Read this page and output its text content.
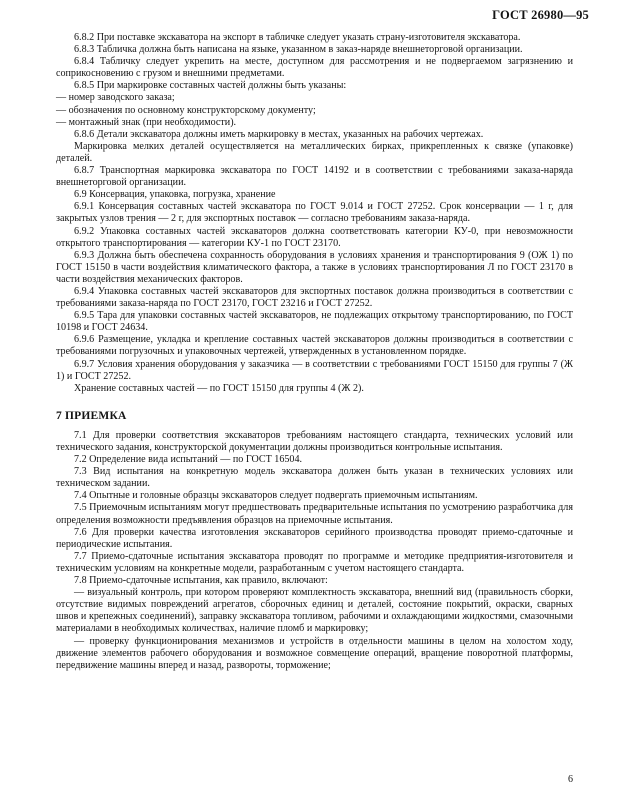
ГОСТ 26980—95

6.8.2 При поставке экскаватора на экспорт в табличке следует указать страну-изготовителя экскаватора.

6.8.3 Табличка должна быть написана на языке, указанном в заказ-наряде внешнеторговой организации.

6.8.4 Табличку следует укрепить на месте, доступном для рассмотрения и не подвергаемом загрязнению и соприкосновению с грузом и внешними предметами.

6.8.5 При маркировке составных частей должны быть указаны:

— номер заводского заказа;

— обозначения по основному конструкторскому документу;

— монтажный знак (при необходимости).

6.8.6 Детали экскаватора должны иметь маркировку в местах, указанных на рабочих чертежах.

Маркировка мелких деталей осуществляется на металлических бирках, прикрепленных к связке (упаковке) деталей.

6.8.7 Транспортная маркировка экскаватора по ГОСТ 14192 и в соответствии с требованиями заказа-наряда внешнеторговой организации.

6.9 Консервация, упаковка, погрузка, хранение

6.9.1 Консервация составных частей экскаватора по ГОСТ 9.014 и ГОСТ 27252. Срок консервации — 1 г, для закрытых узлов трения — 2 г, для экспортных поставок — согласно требованиям заказа-наряда.

6.9.2 Упаковка составных частей экскаваторов должна соответствовать категории КУ-0, при невозможности открытого транспортирования — категории КУ-1 по ГОСТ 23170.

6.9.3 Должна быть обеспечена сохранность оборудования в условиях хранения и транспортирования 9 (ОЖ 1) по ГОСТ 15150 в части воздействия климатического фактора, а также в условиях транспортирования Л по ГОСТ 23170 в части воздействия механических факторов.

6.9.4 Упаковка составных частей экскаваторов для экспортных поставок должна производиться в соответствии с требованиями заказа-наряда по ГОСТ 23170, ГОСТ 23216 и ГОСТ 27252.

6.9.5 Тара для упаковки составных частей экскаваторов, не подлежащих открытому транспортированию, по ГОСТ 10198 и ГОСТ 24634.

6.9.6 Размещение, укладка и крепление составных частей экскаваторов должны производиться в соответствии с требованиями погрузочных и упаковочных чертежей, утвержденных в установленном порядке.

6.9.7 Условия хранения оборудования у заказчика — в соответствии с требованиями ГОСТ 15150 для группы 7 (Ж 1) и ГОСТ 27252.

Хранение составных частей — по ГОСТ 15150 для группы 4 (Ж 2).

7 ПРИЕМКА

7.1 Для проверки соответствия экскаваторов требованиям настоящего стандарта, технических условий или технического задания, конструкторской документации должны производиться контрольные испытания.

7.2 Определение вида испытаний — по ГОСТ 16504.

7.3 Вид испытания на конкретную модель экскаватора должен быть указан в технических условиях или техническом задании.

7.4 Опытные и головные образцы экскаваторов следует подвергать приемочным испытаниям.

7.5 Приемочным испытаниям могут предшествовать предварительные испытания по усмотрению разработчика для определения возможности предъявления образцов на приемочные испытания.

7.6 Для проверки качества изготовления экскаваторов серийного производства проводят приемо-сдаточные и периодические испытания.

7.7 Приемо-сдаточные испытания экскаватора проводят по программе и методике предприятия-изготовителя и техническим условиям на конкретные модели, разработанным с учетом настоящего стандарта.

7.8 Приемо-сдаточные испытания, как правило, включают:

— визуальный контроль, при котором проверяют комплектность экскаватора, внешний вид (правильность сборки, отсутствие видимых повреждений агрегатов, сборочных единиц и деталей, состояние покрытий, окраски, сварных швов и крепежных соединений), заправку экскаватора топливом, рабочими и охлаждающими жидкостями, смазочными материалами в необходимых количествах, наличие пломб и маркировку;

— проверку функционирования механизмов и устройств в отдельности машины в целом на холостом ходу, движение элементов рабочего оборудования и возможное совмещение операций, вращение поворотной платформы, передвижение машины вперед и назад, развороты, торможение;

6
